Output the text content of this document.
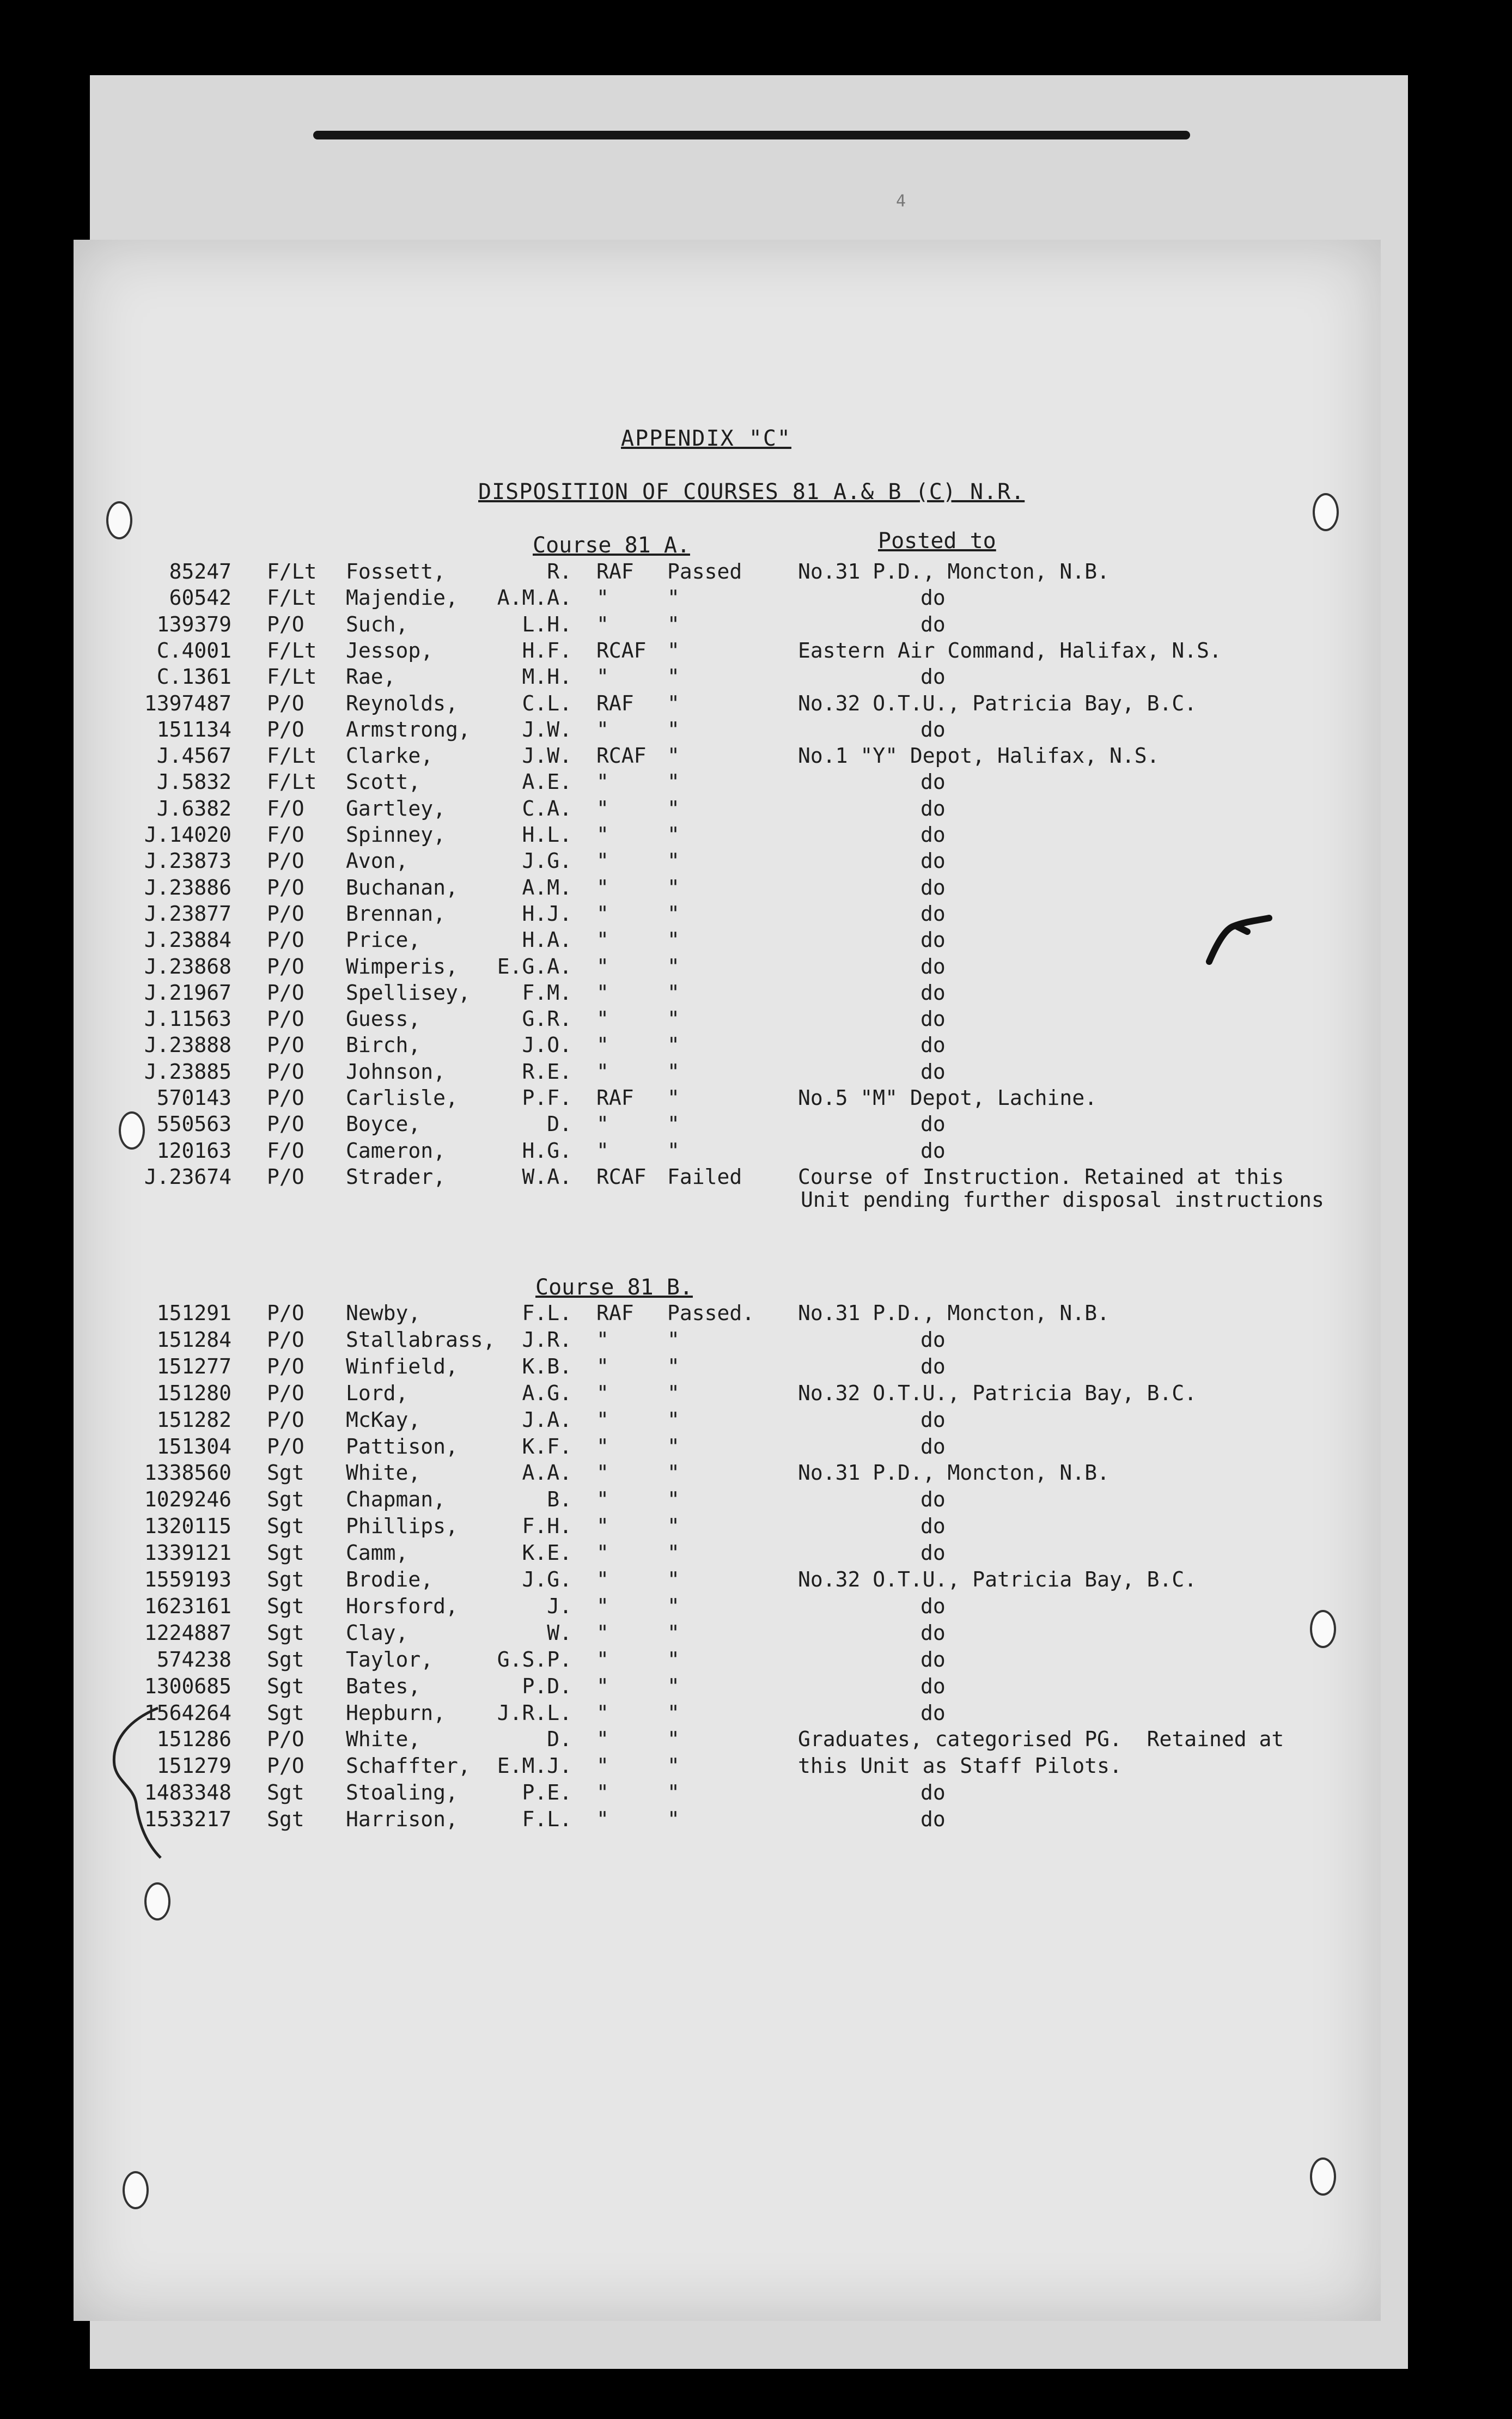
4
APPENDIX "C"
DISPOSITION OF COURSES 81 A.& B (C) N.R.
Course 81 A.	Posted to
85247 F/Lt Fossett,	R. RAF Passed	No.31 P.D., Moncton, N.B.
60542 F/Lt Majendie,	A.M.A. "	"	do
139379 P/O Such,	L.H. "	"	do
C.4001 F/Lt Jessop,	H.F. RCAF "	Eastern Air Command, Halifax, N.S.
C.1361 F/Lt Rae,	M.H. "	"	do
1397487 P/O Reynolds,	C.L. RAF "	No.32 O.T.U., Patricia Bay, B.C.
151134 P/O Armstrong,	J.W. "	"	do
J.4567 F/Lt Clarke,	J.W. RCAF "	No.1 "Y" Depot, Halifax, N.S.
J.5832 F/Lt Scott,	A.E. "	"	do
J.6382 F/O Gartley,	C.A. "	"	do
J.14020 F/O Spinney,	H.L. "	"	do
J.23873 P/O Avon,	J.G. "	"	do
J.23886 P/O Buchanan,	A.M. "	"	do
J.23877 P/O Brennan,	H.J. "	"	do
J.23884 P/O Price,	H.A. "	"	do
J.23868 P/O Wimperis,	E.G.A. "	"	do
J.21967 P/O Spellisey,	F.M. "	"	do
J.11563 P/O Guess,	G.R. "	"	do
J.23888 P/O Birch,	J.O. "	"	do
J.23885 P/O Johnson,	R.E. "	"	do
570143 P/O Carlisle,	P.F. RAF "	No.5 "M" Depot, Lachine.
550563 P/O Boyce,	D. "	"	do
120163 F/O Cameron,	H.G. "	"	do
J.23674 P/O Strader,	W.A. RCAF Failed	Course of Instruction. Retained at this
Unit pending further disposal instructions
Course 81 B.
151291 P/O Newby,	F.L. RAF Passed. No.31 P.D., Moncton, N.B.
151284 P/O Stallabrass,	J.R. "	"	do
151277 P/O Winfield,	K.B. "	"	do
151280 P/O Lord,	A.G. "	"	No.32 O.T.U., Patricia Bay, B.C.
151282 P/O McKay,	J.A. "	"	do
151304 P/O Pattison,	K.F. "	"	do
1338560 Sgt White,	A.A. "	"	No.31 P.D., Moncton, N.B.
1029246 Sgt Chapman,	B. "	"	do
1320115 Sgt Phillips,	F.H. "	"	do
1339121 Sgt Camm,	K.E. "	"	do
1559193 Sgt Brodie,	J.G. "	"	No.32 O.T.U., Patricia Bay, B.C.
1623161 Sgt Horsford,	J. "	"	do
1224887 Sgt Clay,	W. "	"	do
574238 Sgt Taylor,	G.S.P. "	"	do
1300685 Sgt Bates,	P.D. "	"	do
1564264 Sgt Hepburn,	J.R.L. "	"	do
151286 P/O White,	D. "	"	Graduates, categorised PG.  Retained at
151279 P/O Schaffter,	E.M.J. "	"	this Unit as Staff Pilots.
1483348 Sgt Stoaling,	P.E. "	"	do
1533217 Sgt Harrison,	F.L. "	"	do
